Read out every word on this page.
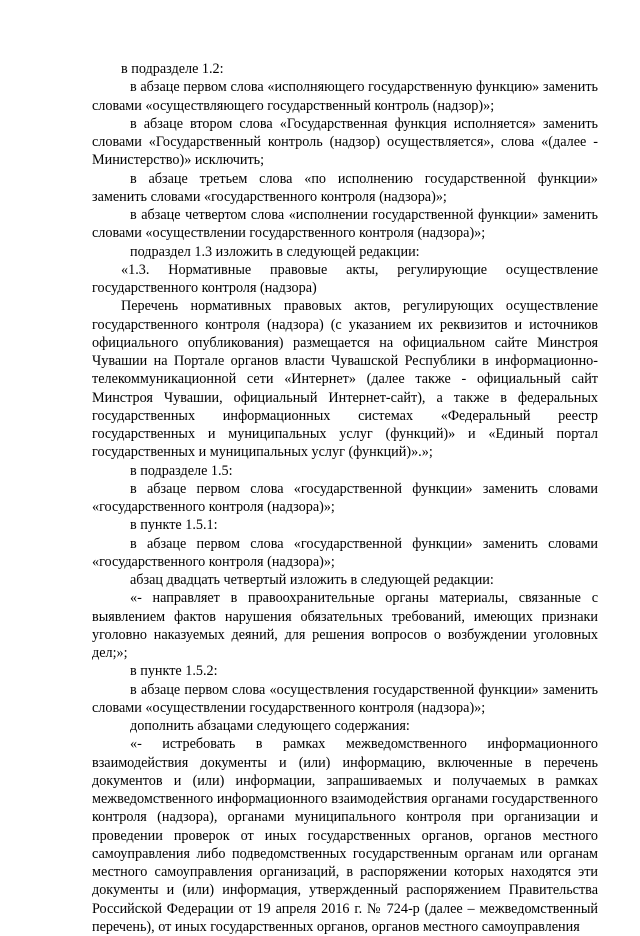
в подразделе 1.2:

в абзаце первом слова «исполняющего государственную функцию» заменить словами «осуществляющего государственный контроль (надзор)»;

в абзаце втором слова «Государственная функция исполняется» заменить словами «Государственный контроль (надзор) осуществляется», слова «(далее - Министерство)» исключить;

в абзаце третьем слова «по исполнению государственной функции» заменить словами «государственного контроля (надзора)»;

в абзаце четвертом слова «исполнении государственной функции» заменить словами «осуществлении государственного контроля (надзора)»;

подраздел 1.3 изложить в следующей редакции:

«1.3. Нормативные правовые акты, регулирующие осуществление государственного контроля (надзора)

Перечень нормативных правовых актов, регулирующих осуществление государственного контроля (надзора) (с указанием их реквизитов и источников официального опубликования) размещается на официальном сайте Минстроя Чувашии на Портале органов власти Чувашской Республики в информационно-телекоммуникационной сети «Интернет» (далее также - официальный сайт Минстроя Чувашии, официальный Интернет-сайт), а также в федеральных государственных информационных системах «Федеральный реестр государственных и муниципальных услуг (функций)» и «Единый портал государственных и муниципальных услуг (функций)».»;

в подразделе 1.5:

в абзаце первом слова «государственной функции» заменить словами «государственного контроля (надзора)»;

в пункте 1.5.1:

в абзаце первом слова «государственной функции» заменить словами «государственного контроля (надзора)»;

абзац двадцать четвертый изложить в следующей редакции:

«- направляет в правоохранительные органы материалы, связанные с выявлением фактов нарушения обязательных требований, имеющих признаки уголовно наказуемых деяний, для решения вопросов о возбуждении уголовных дел;»;

в пункте 1.5.2:

в абзаце первом слова «осуществления государственной функции» заменить словами «осуществлении государственного контроля (надзора)»;

дополнить абзацами следующего содержания:

«- истребовать в рамках межведомственного информационного взаимодействия документы и (или) информацию, включенные в перечень документов и (или) информации, запрашиваемых и получаемых в рамках межведомственного информационного взаимодействия органами государственного контроля (надзора), органами муниципального контроля при организации и проведении проверок от иных государственных органов, органов местного самоуправления либо подведомственных государственным органам или органам местного самоуправления организаций, в распоряжении которых находятся эти документы и (или) информация, утвержденный распоряжением Правительства Российской Федерации от 19 апреля 2016 г. № 724-р (далее – межведомственный перечень), от иных государственных органов, органов местного самоуправления
